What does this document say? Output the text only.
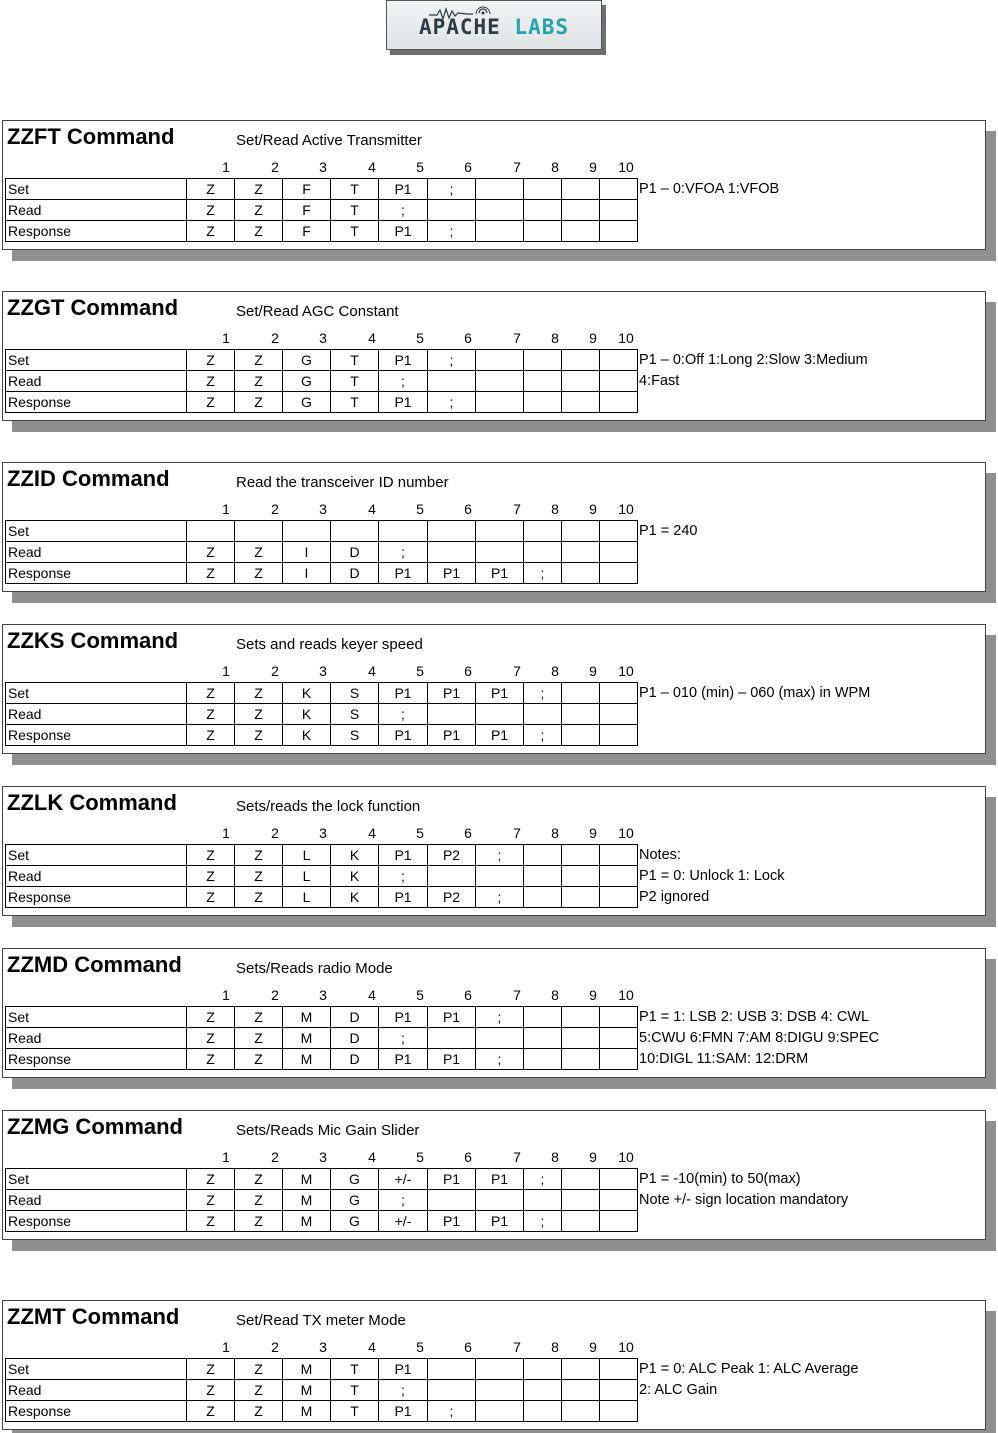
APACHE LABS
ZZFT Command	Set/Read Active Transmitter
1	2	3	4	5	6	7	8	9	10
Set	Z	Z	F	T	P1	;				
Read	Z	Z	F	T	;					
Response	Z	Z	F	T	P1	;				
P1 – 0:VFOA 1:VFOB
ZZGT Command	Set/Read AGC Constant
1	2	3	4	5	6	7	8	9	10
Set	Z	Z	G	T	P1	;				
Read	Z	Z	G	T	;					
Response	Z	Z	G	T	P1	;				
P1 – 0:Off 1:Long 2:Slow 3:Medium
4:Fast
ZZID Command	Read the transceiver ID number
1	2	3	4	5	6	7	8	9	10
Set										
Read	Z	Z	I	D	;					
Response	Z	Z	I	D	P1	P1	P1	;		
P1 = 240
ZZKS Command	Sets and reads keyer speed
1	2	3	4	5	6	7	8	9	10
Set	Z	Z	K	S	P1	P1	P1	;		
Read	Z	Z	K	S	;					
Response	Z	Z	K	S	P1	P1	P1	;		
P1 – 010 (min) – 060 (max) in WPM
ZZLK Command	Sets/reads the lock function
1	2	3	4	5	6	7	8	9	10
Set	Z	Z	L	K	P1	P2	;			
Read	Z	Z	L	K	;					
Response	Z	Z	L	K	P1	P2	;			
Notes:
P1 = 0: Unlock 1: Lock
P2 ignored
ZZMD Command	Sets/Reads radio Mode
1	2	3	4	5	6	7	8	9	10
Set	Z	Z	M	D	P1	P1	;			
Read	Z	Z	M	D	;					
Response	Z	Z	M	D	P1	P1	;			
P1 = 1: LSB 2: USB 3: DSB 4: CWL
5:CWU 6:FMN 7:AM 8:DIGU 9:SPEC
10:DIGL 11:SAM: 12:DRM
ZZMG Command	Sets/Reads Mic Gain Slider
1	2	3	4	5	6	7	8	9	10
Set	Z	Z	M	G	+/-	P1	P1	;		
Read	Z	Z	M	G	;					
Response	Z	Z	M	G	+/-	P1	P1	;		
P1 = -10(min) to 50(max)
Note +/- sign location mandatory
ZZMT Command	Set/Read TX meter Mode
1	2	3	4	5	6	7	8	9	10
Set	Z	Z	M	T	P1					
Read	Z	Z	M	T	;					
Response	Z	Z	M	T	P1	;				
P1 = 0: ALC Peak 1: ALC Average
2: ALC Gain
